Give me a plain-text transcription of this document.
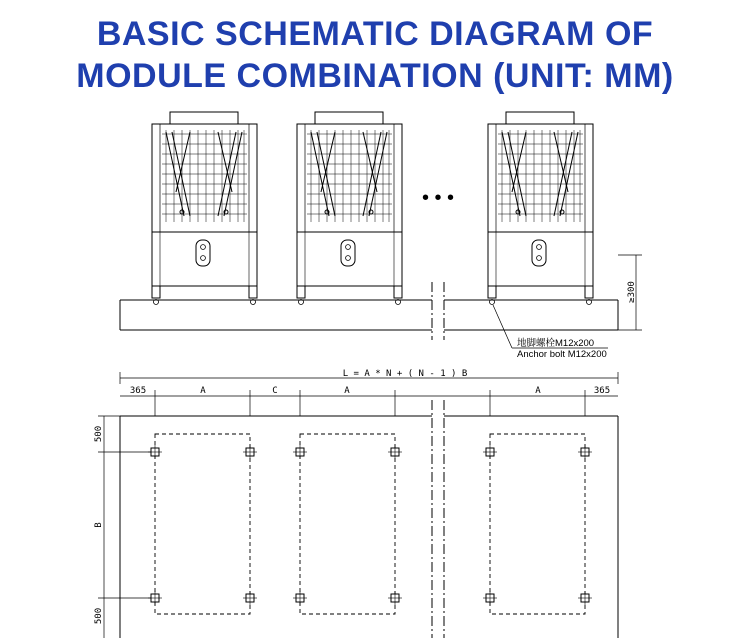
BASIC SCHEMATIC DIAGRAM OF
MODULE COMBINATION (UNIT: MM)
• • •
≥300
地脚螺栓M12x200
Anchor bolt M12x200
L = A * N + ( N - 1 ) B
365	A	C	A	A	365
500
B
500
